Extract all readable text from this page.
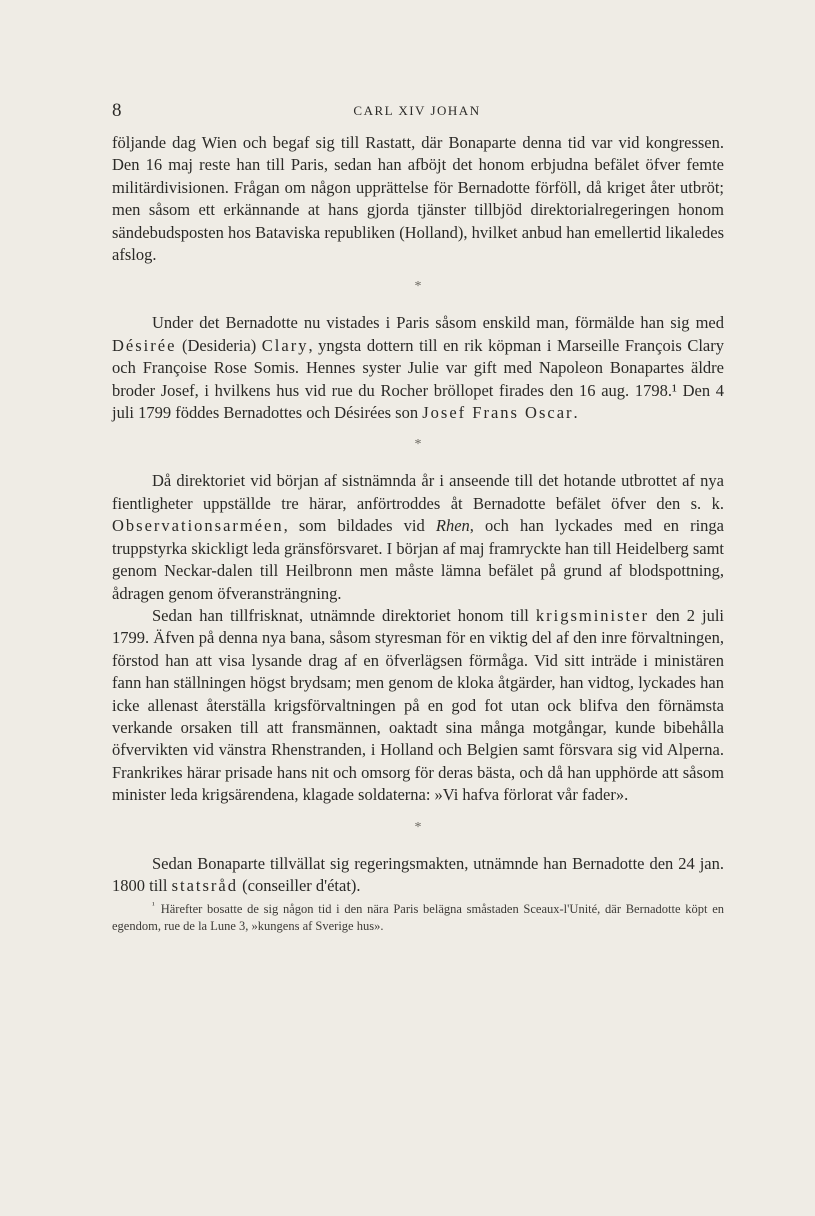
8	CARL XIV JOHAN

följande dag Wien och begaf sig till Rastatt, där Bonaparte denna tid var vid kongressen. Den 16 maj reste han till Paris, sedan han afböjt det honom erbjudna befälet öfver femte militärdivisionen. Frågan om någon upprättelse för Bernadotte förföll, då kriget åter utbröt; men såsom ett erkännande at hans gjorda tjänster tillbjöd direktorialregeringen honom sändebudsposten hos Bataviska republiken (Holland), hvilket anbud han emellertid likaledes afslog.

*

Under det Bernadotte nu vistades i Paris såsom enskild man, förmälde han sig med Désirée (Desideria) Clary, yngsta dottern till en rik köpman i Marseille François Clary och Françoise Rose Somis. Hennes syster Julie var gift med Napoleon Bonapartes äldre broder Josef, i hvilkens hus vid rue du Rocher bröllopet firades den 16 aug. 1798.¹ Den 4 juli 1799 föddes Bernadottes och Désirées son Josef Frans Oscar.

*

Då direktoriet vid början af sistnämnda år i anseende till det hotande utbrottet af nya fientligheter uppställde tre härar, anförtroddes åt Bernadotte befälet öfver den s. k. Observationsarméen, som bildades vid Rhen, och han lyckades med en ringa truppstyrka skickligt leda gränsförsvaret. I början af maj framryckte han till Heidelberg samt genom Neckar-dalen till Heilbronn men måste lämna befälet på grund af blodspottning, ådragen genom öfveransträngning.

Sedan han tillfrisknat, utnämnde direktoriet honom till krigsminister den 2 juli 1799. Äfven på denna nya bana, såsom styresman för en viktig del af den inre förvaltningen, förstod han att visa lysande drag af en öfverlägsen förmåga. Vid sitt inträde i ministären fann han ställningen högst brydsam; men genom de kloka åtgärder, han vidtog, lyckades han icke allenast återställa krigsförvaltningen på en god fot utan ock blifva den förnämsta verkande orsaken till att fransmännen, oaktadt sina många motgångar, kunde bibehålla öfvervikten vid vänstra Rhenstranden, i Holland och Belgien samt försvara sig vid Alperna. Frankrikes härar prisade hans nit och omsorg för deras bästa, och då han upphörde att såsom minister leda krigsärendena, klagade soldaterna: »Vi hafva förlorat vår fader».

*

Sedan Bonaparte tillvällat sig regeringsmakten, utnämnde han Bernadotte den 24 jan. 1800 till statsråd (conseiller d'état).

$^{^1}$ Härefter bosatte de sig någon tid i den nära Paris belägna småstaden Sceaux-l'Unité, där Bernadotte köpt en egendom, rue de la Lune 3, »kungens af Sverige hus».
